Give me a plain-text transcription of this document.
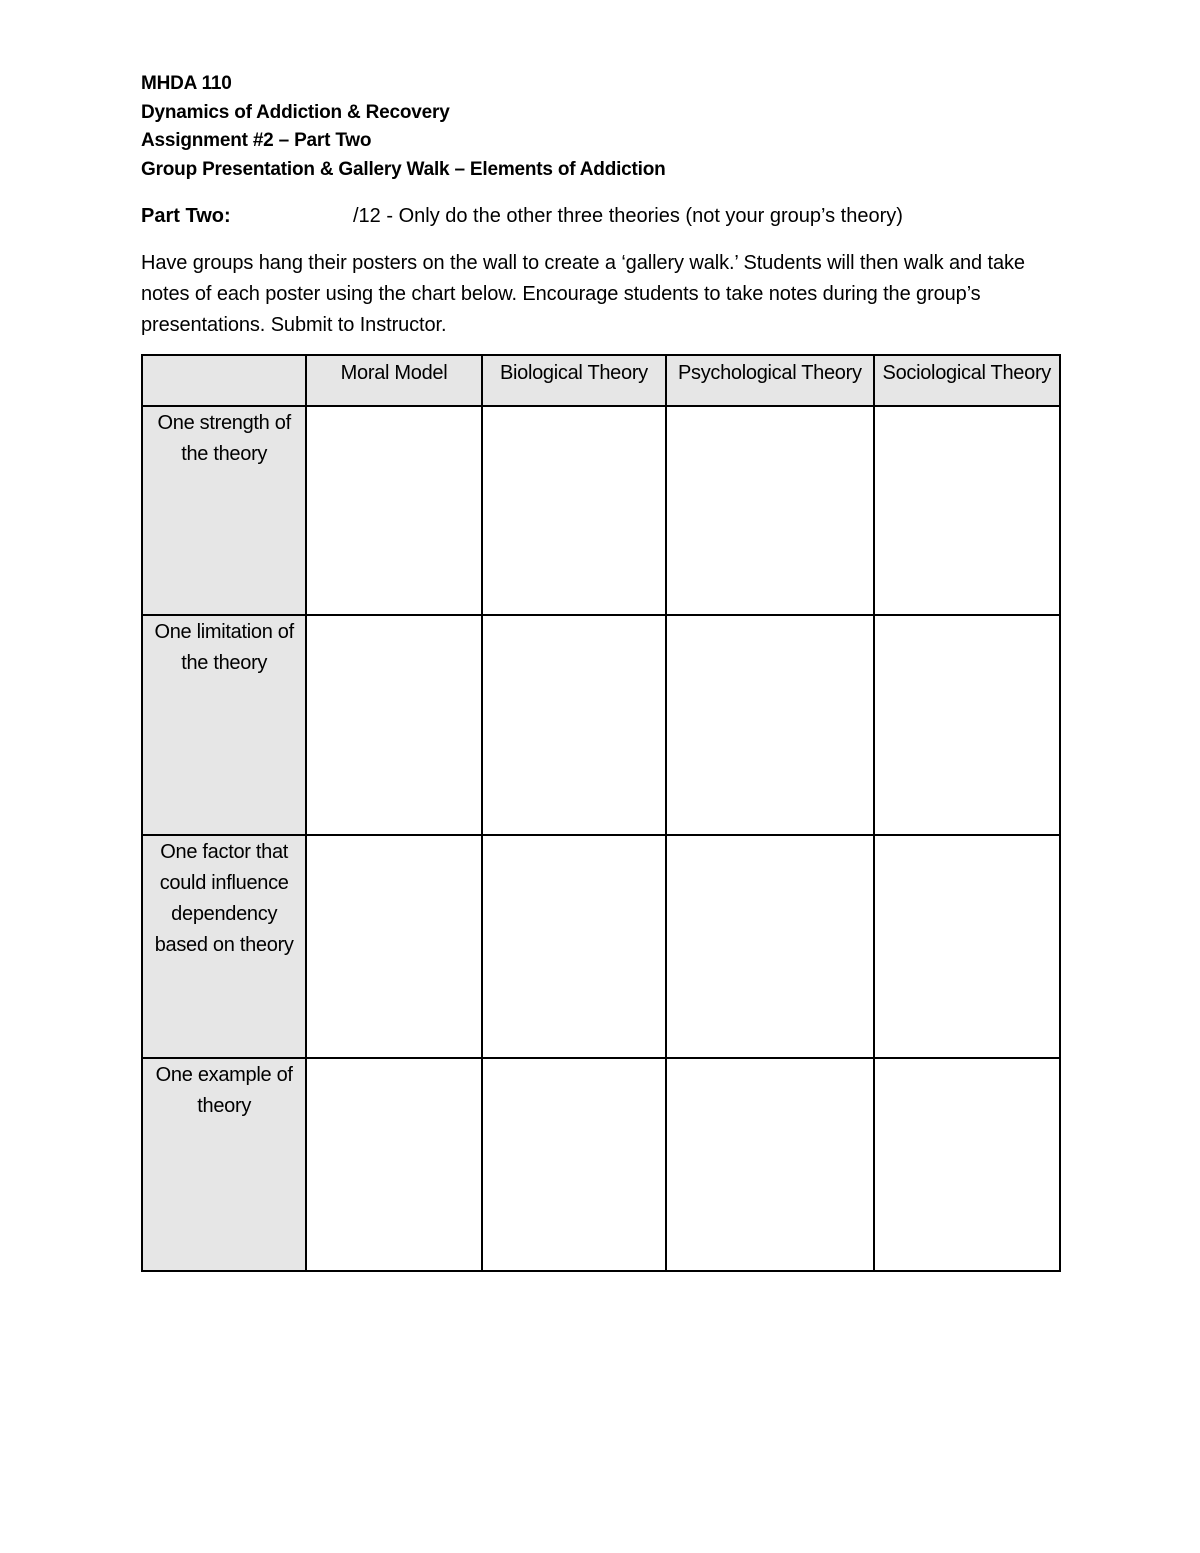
MHDA 110
Dynamics of Addiction & Recovery
Assignment #2 – Part Two
Group Presentation & Gallery Walk – Elements of Addiction
Part Two:	/12 - Only do the other three theories (not your group’s theory)

Have groups hang their posters on the wall to create a ‘gallery walk.’ Students will then walk and take notes of each poster using the chart below. Encourage students to take notes during the group’s presentations. Submit to Instructor.

	Moral Model	Biological Theory	Psychological Theory	Sociological Theory
One strength of the theory				
One limitation of the theory				
One factor that could influence dependency based on theory				
One example of theory				
